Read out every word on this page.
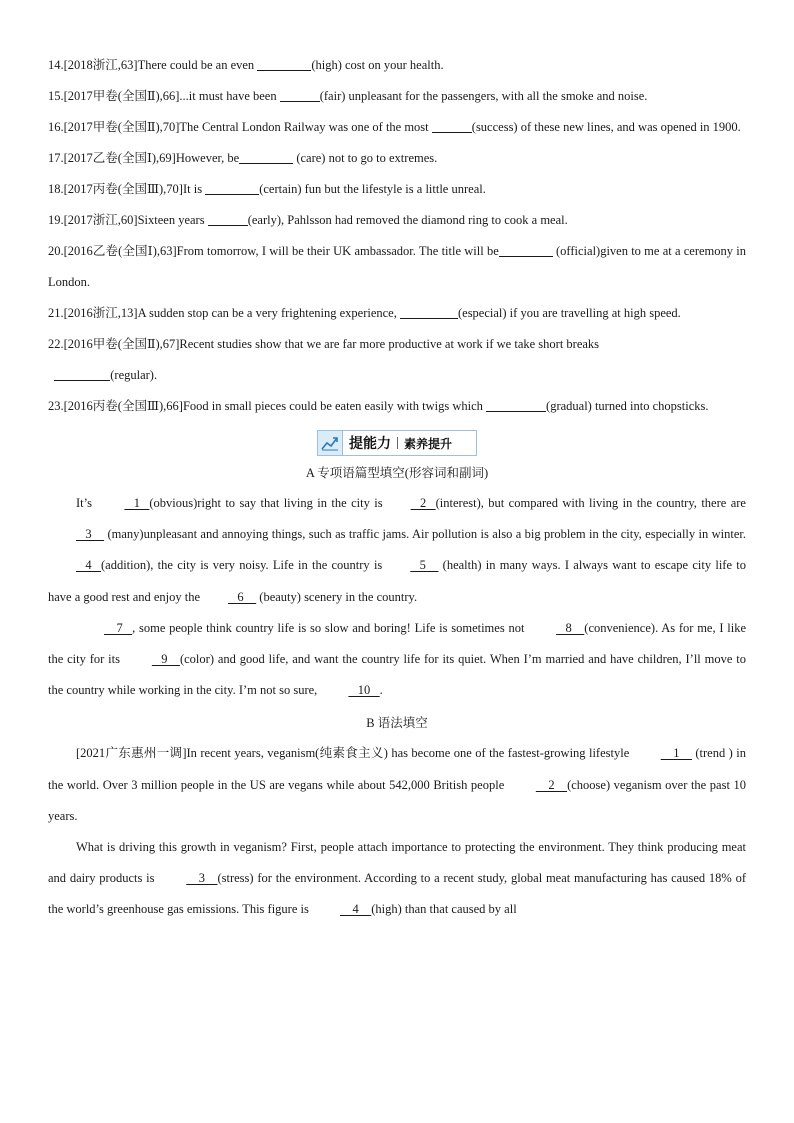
14.[2018浙江,63]There could be an even	(high) cost on your health.

15.[2017甲卷(全国Ⅱ),66]...it must have been	(fair) unpleasant for the passengers, with all the smoke and noise.

16.[2017甲卷(全国Ⅱ),70]The Central London Railway was one of the most	(success) of these new lines, and was opened in 1900.

17.[2017乙卷(全国Ⅰ),69]However, be	(care) not to go to extremes.

18.[2017丙卷(全国Ⅲ),70]It is	(certain) fun but the lifestyle is a little unreal.

19.[2017浙江,60]Sixteen years	(early), Pahlsson had removed the diamond ring to cook a meal.

20.[2016乙卷(全国Ⅰ),63]From tomorrow, I will be their UK ambassador. The title will be	(official)given to me at a ceremony in London.

21.[2016浙江,13]A sudden stop can be a very frightening experience,	(especial) if you are travelling at high speed.

22.[2016甲卷(全国Ⅱ),67]Recent studies show that we are far more productive at work if we take short breaks
(regular).

23.[2016丙卷(全国Ⅲ),66]Food in small pieces could be eaten easily with twigs which	(gradual) turned into chopsticks.

提能力	素养提升

A 专项语篇型填空(形容词和副词)

It’s    1   (obvious)right to say that living in the city is   2   (interest), but compared with living in the country, there are    3     (many)unpleasant and annoying things, such as traffic jams. Air pollution is also a big problem in the city, especially in winter.    4   (addition), the city is very noisy. Life in the country is   5     (health) in many ways. I always want to escape city life to have a good rest and enjoy the   6     (beauty) scenery in the country.

7   , some people think country life is so slow and boring! Life is sometimes not    8    (convenience). As for me, I like the city for its    9    (color) and good life, and want the country life for its quiet. When I’m married and have children, I’ll move to the country while working in the city. I’m not so sure,    10   .

B 语法填空

[2021广东惠州一调]In recent years, veganism(纯素食主义) has become one of the fastest-growing lifestyle     1     (trend ) in the world. Over 3 million people in the US are vegans while about 542,000 British people     2    (choose) veganism over the past 10 years.

What is driving this growth in veganism? First, people attach importance to protecting the environment. They think producing meat and dairy products is     3    (stress) for the environment. According to a recent study, global meat manufacturing has caused 18% of the world’s greenhouse gas emissions. This figure is     4    (high) than that caused by all
